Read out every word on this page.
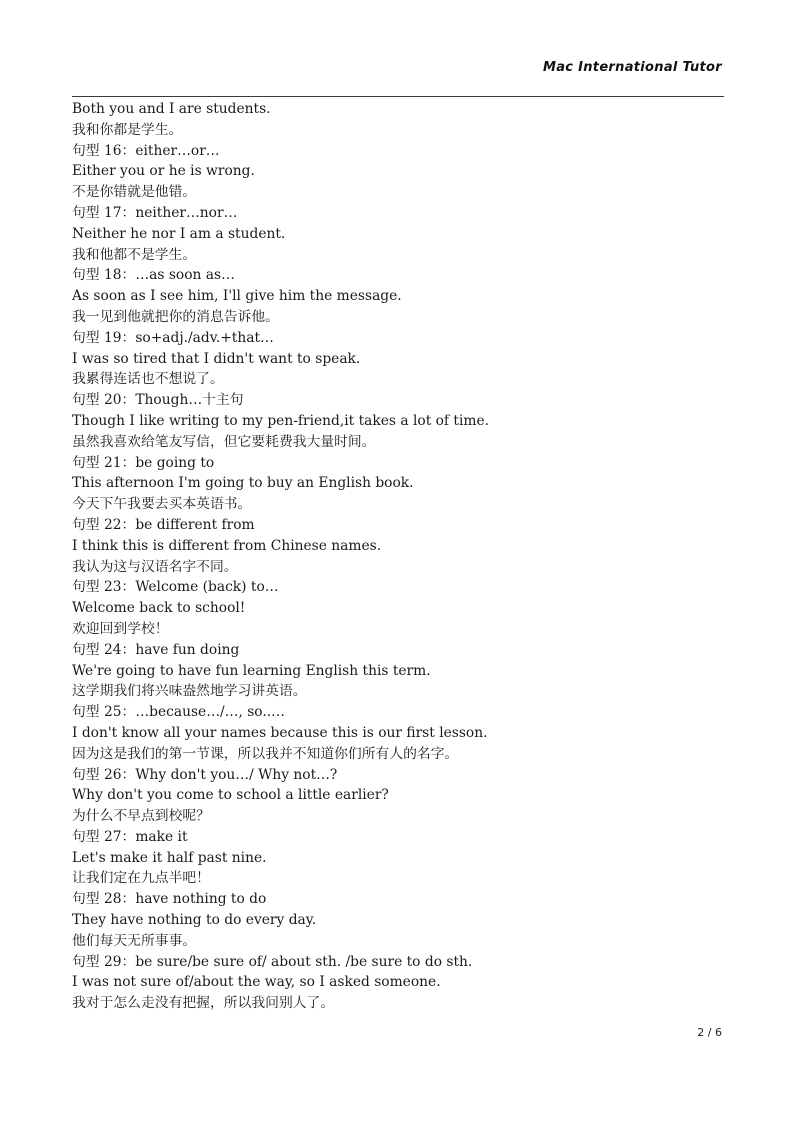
Mac International Tutor
Both you and I are students.
我和你都是学生。
句型 16：either…or…
Either you or he is wrong.
不是你错就是他错。
句型 17：neither…nor…
Neither he nor I am a student.
我和他都不是学生。
句型 18：…as soon as…
As soon as I see him, I'll give him the message.
我一见到他就把你的消息告诉他。
句型 19：so+adj./adv.+that…
I was so tired that I didn't want to speak.
我累得连话也不想说了。
句型 20：Though…十主句
Though I like writing to my pen-friend,it takes a lot of time.
虽然我喜欢给笔友写信，但它要耗费我大量时间。
句型 21：be going to
This afternoon I'm going to buy an English book.
今天下午我要去买本英语书。
句型 22：be different from
I think this is different from Chinese names.
我认为这与汉语名字不同。
句型 23：Welcome (back) to…
Welcome back to school!
欢迎回到学校！
句型 24：have fun doing
We're going to have fun learning English this term.
这学期我们将兴味盎然地学习讲英语。
句型 25：…because…/…, so..…
I don't know all your names because this is our first lesson.
因为这是我们的第一节课，所以我并不知道你们所有人的名字。
句型 26：Why don't you…/ Why not…?
Why don't you come to school a little earlier?
为什么不早点到校呢？
句型 27：make it
Let's make it half past nine.
让我们定在九点半吧！
句型 28：have nothing to do
They have nothing to do every day.
他们每天无所事事。
句型 29：be sure/be sure of/ about sth. /be sure to do sth.
I was not sure of/about the way, so I asked someone.
我对于怎么走没有把握，所以我问别人了。
2 / 6
